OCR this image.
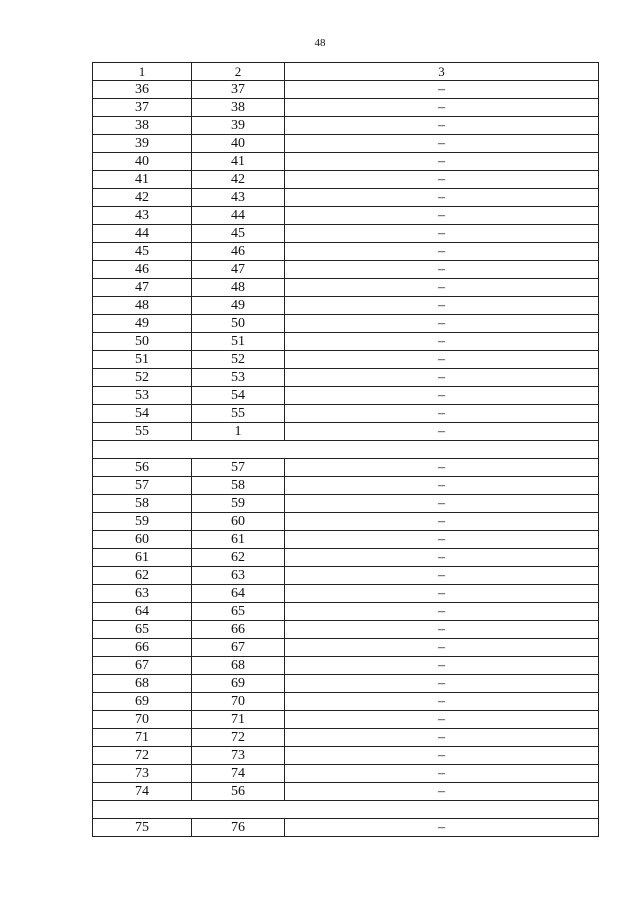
48
1	2	3
36	37	–
37	38	–
38	39	–
39	40	–
40	41	–
41	42	–
42	43	–
43	44	–
44	45	–
45	46	–
46	47	–
47	48	–
48	49	–
49	50	–
50	51	–
51	52	–
52	53	–
53	54	–
54	55	–
55	1	–

56	57	–
57	58	–
58	59	–
59	60	–
60	61	–
61	62	–
62	63	–
63	64	–
64	65	–
65	66	–
66	67	–
67	68	–
68	69	–
69	70	–
70	71	–
71	72	–
72	73	–
73	74	–
74	56	–

75	76	–
